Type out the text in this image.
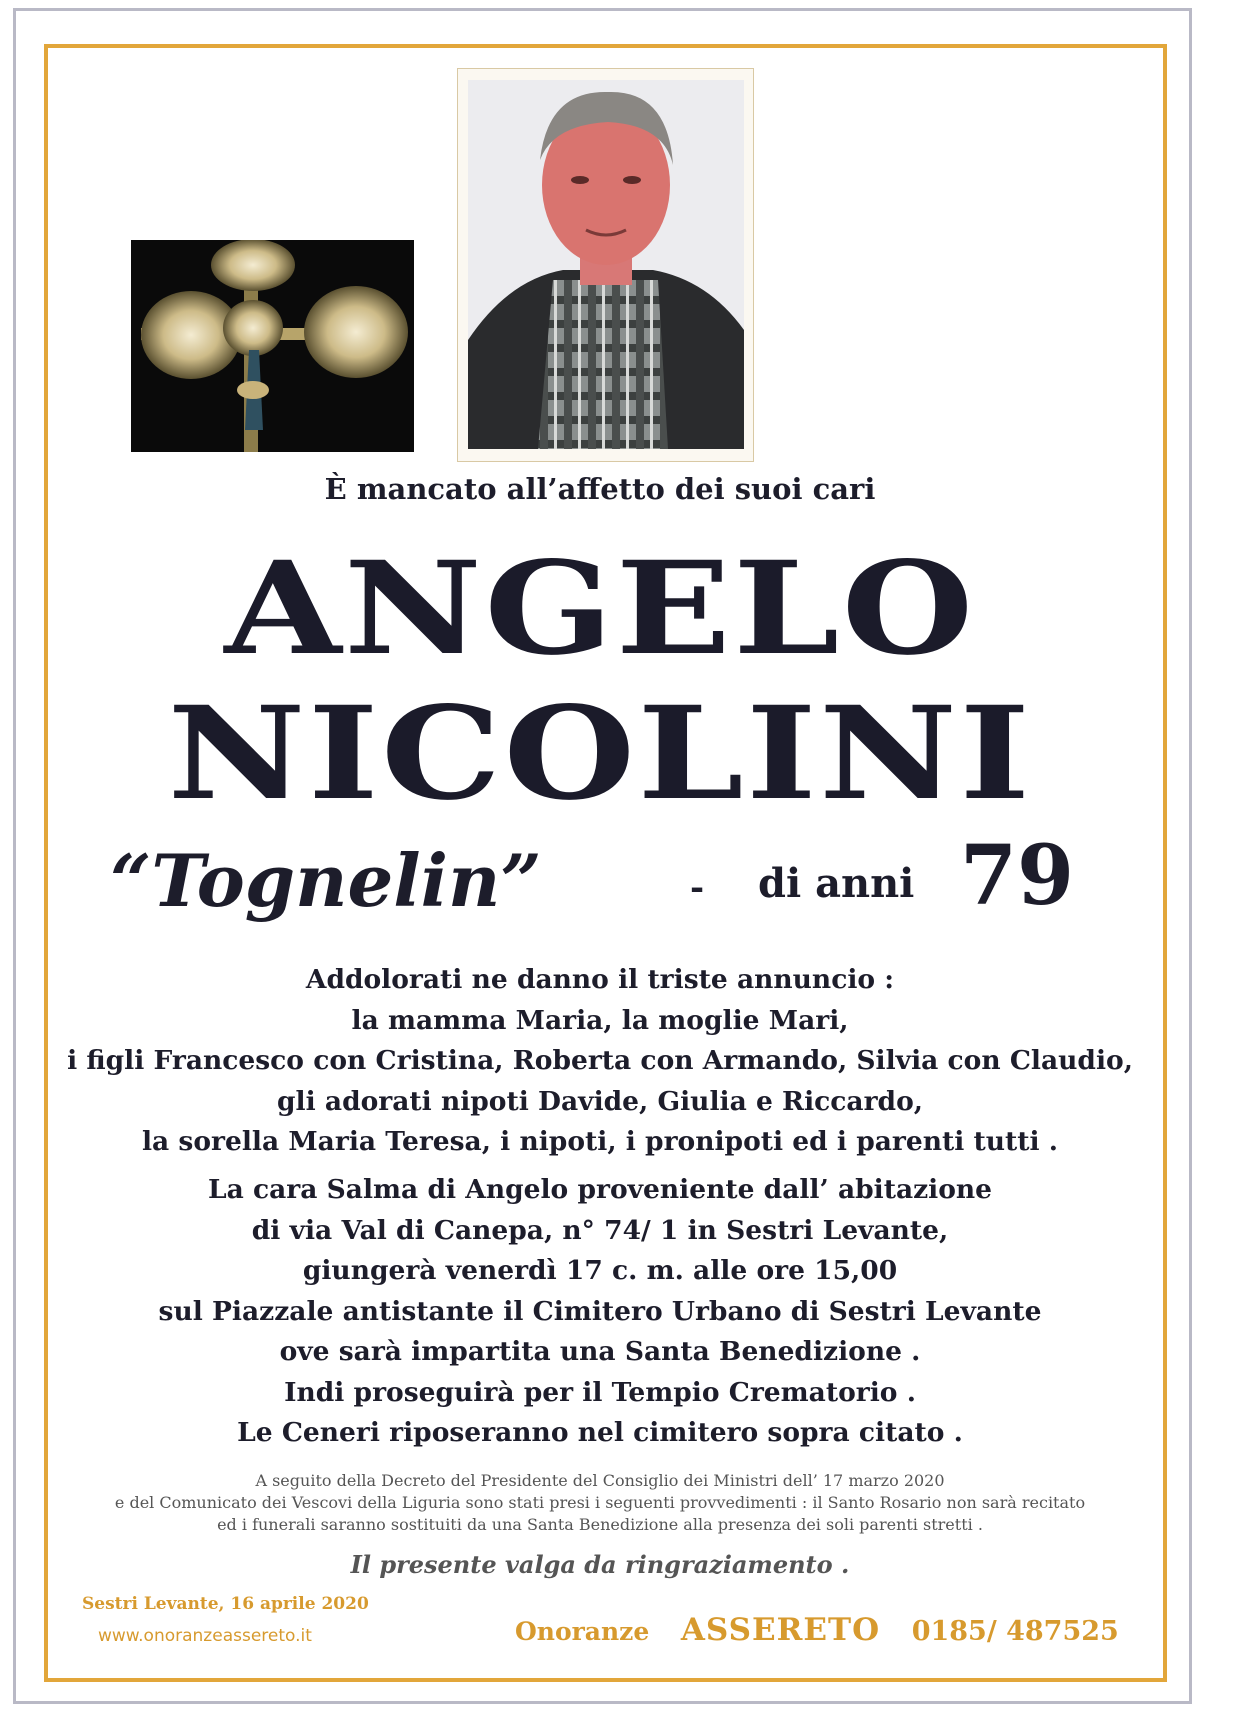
È mancato all’affetto dei suoi cari
ANGELO
NICOLINI
“Tognelin”	- di anni 79
Addolorati ne danno il triste annuncio :
la mamma Maria, la moglie Mari,
i figli Francesco con Cristina, Roberta con Armando, Silvia con Claudio,
gli adorati nipoti Davide, Giulia e Riccardo,
la sorella Maria Teresa, i nipoti, i pronipoti ed i parenti tutti .
La cara Salma di Angelo proveniente dall’ abitazione
di via Val di Canepa, n° 74/ 1 in Sestri Levante,
giungerà venerdì 17 c. m. alle ore 15,00
sul Piazzale antistante il Cimitero Urbano di Sestri Levante
ove sarà impartita una Santa Benedizione .
Indi proseguirà per il Tempio Crematorio .
Le Ceneri riposeranno nel cimitero sopra citato .
A seguito della Decreto del Presidente del Consiglio dei Ministri dell’ 17 marzo 2020
e del Comunicato dei Vescovi della Liguria sono stati presi i seguenti provvedimenti : il Santo Rosario non sarà recitato
ed i funerali saranno sostituiti da una Santa Benedizione alla presenza dei soli parenti stretti .
Il presente valga da ringraziamento .
Sestri Levante, 16 aprile 2020
www.onoranzeassereto.it	Onoranze ASSERETO 0185/ 487525
